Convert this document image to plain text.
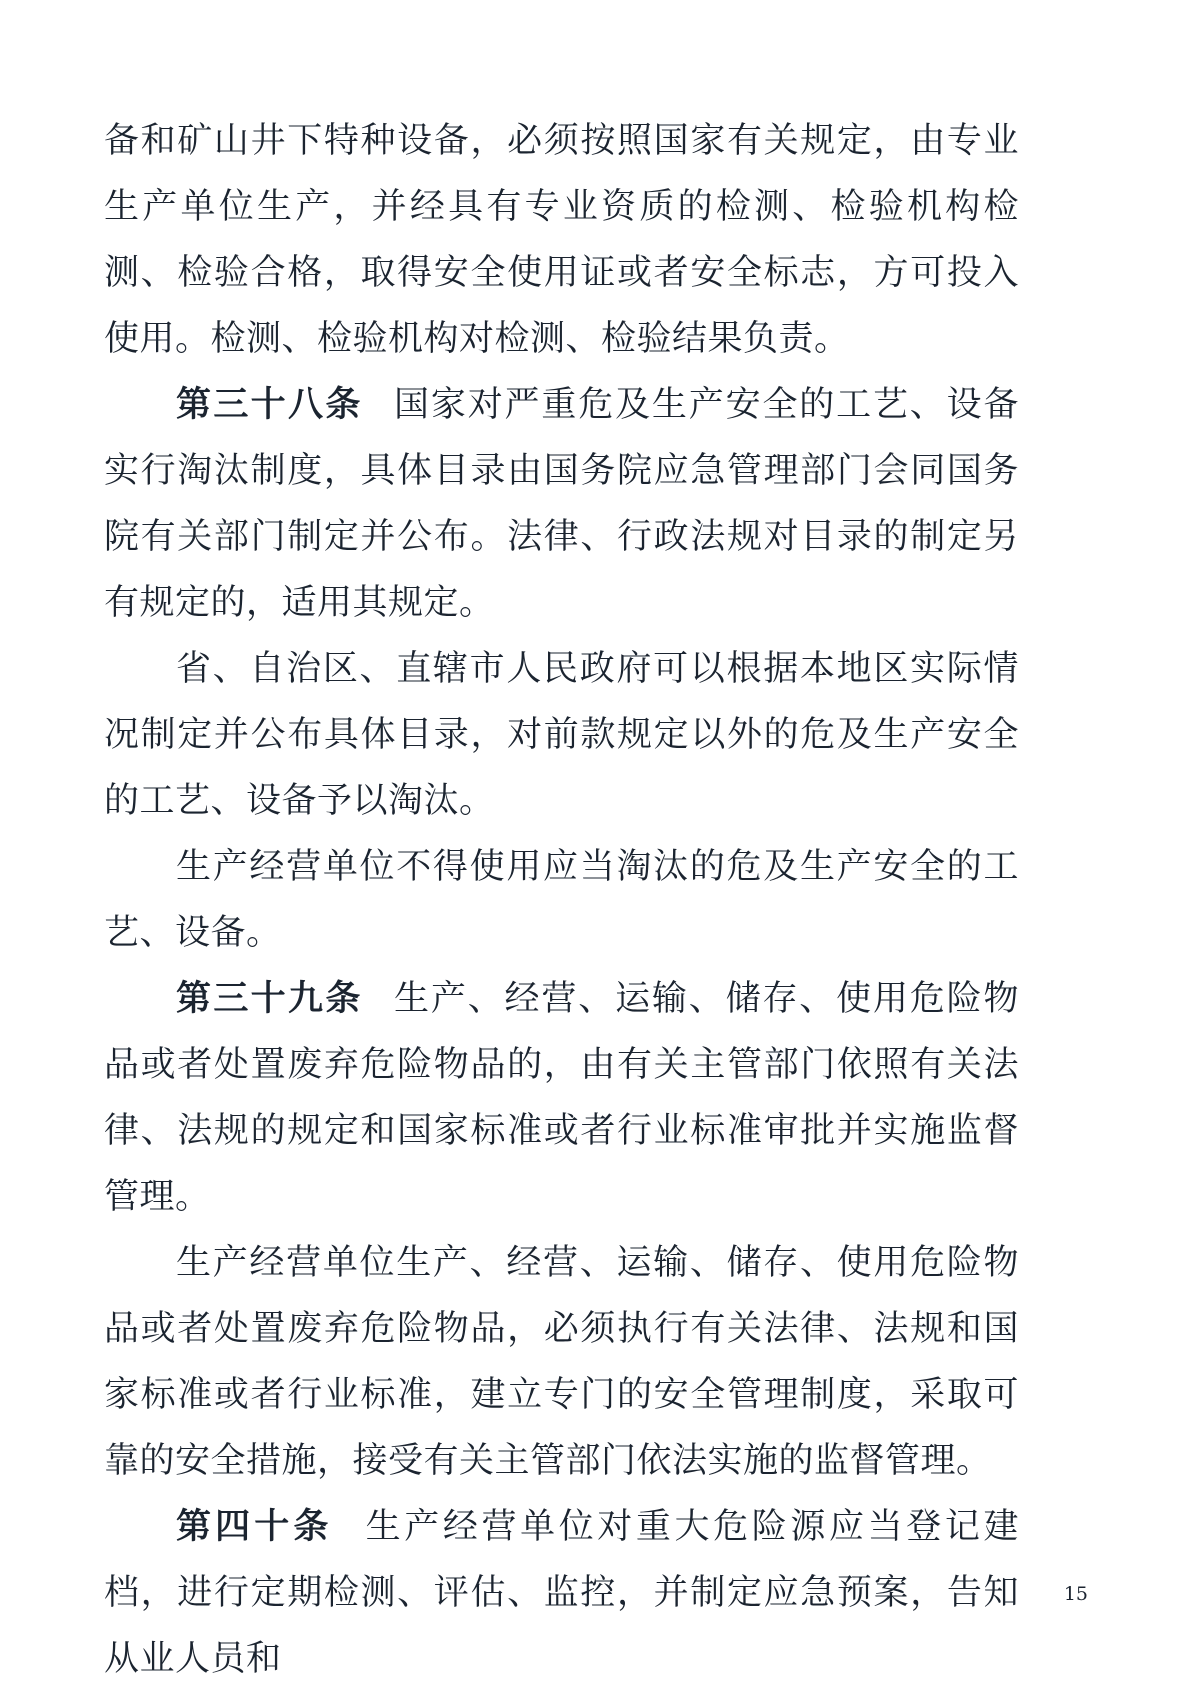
备和矿山井下特种设备，必须按照国家有关规定，由专业生产单位生产，并经具有专业资质的检测、检验机构检测、检验合格，取得安全使用证或者安全标志，方可投入使用。检测、检验机构对检测、检验结果负责。

第三十八条 国家对严重危及生产安全的工艺、设备实行淘汰制度，具体目录由国务院应急管理部门会同国务院有关部门制定并公布。法律、行政法规对目录的制定另有规定的，适用其规定。

省、自治区、直辖市人民政府可以根据本地区实际情况制定并公布具体目录，对前款规定以外的危及生产安全的工艺、设备予以淘汰。

生产经营单位不得使用应当淘汰的危及生产安全的工艺、设备。

第三十九条 生产、经营、运输、储存、使用危险物品或者处置废弃危险物品的，由有关主管部门依照有关法律、法规的规定和国家标准或者行业标准审批并实施监督管理。

生产经营单位生产、经营、运输、储存、使用危险物品或者处置废弃危险物品，必须执行有关法律、法规和国家标准或者行业标准，建立专门的安全管理制度，采取可靠的安全措施，接受有关主管部门依法实施的监督管理。

第四十条 生产经营单位对重大危险源应当登记建档，进行定期检测、评估、监控，并制定应急预案，告知从业人员和

15
